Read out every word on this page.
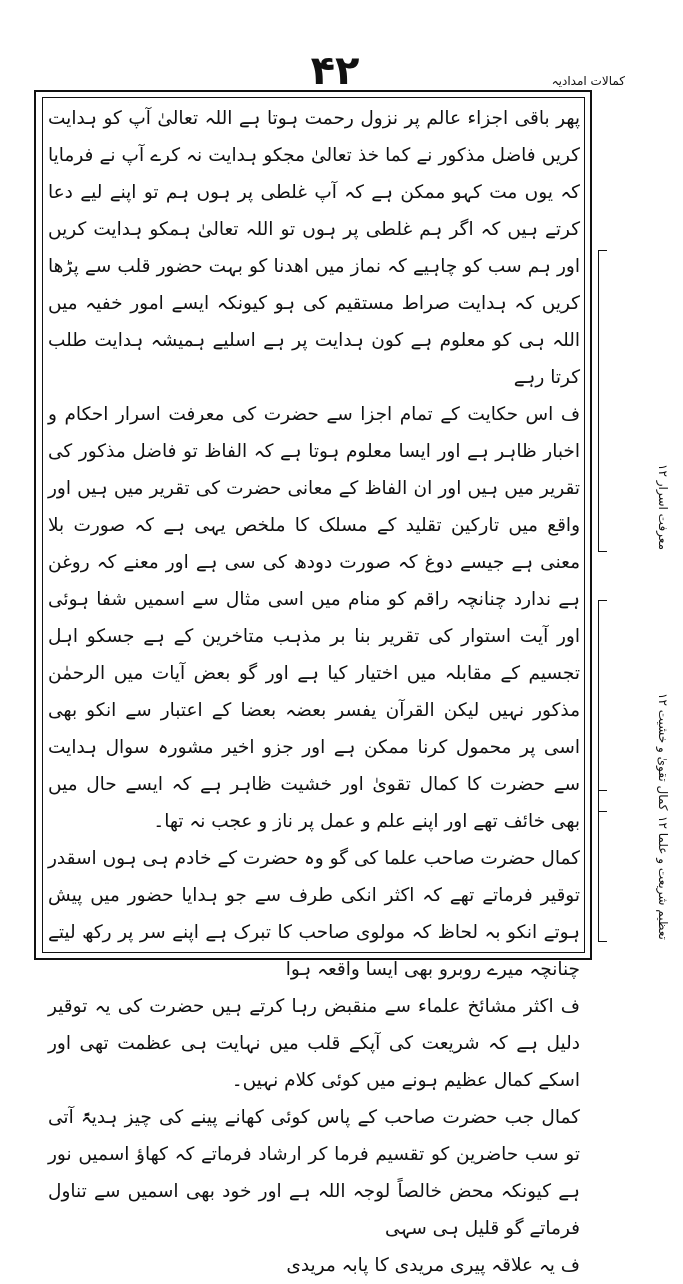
۴۲	کمالات امدادیہ

پھر باقی اجزاء عالم پر نزول رحمت ہوتا ہے اللہ تعالیٰ آپ کو ہدایت کریں فاضل مذکور نے کما خذ تعالیٰ مجکو ہدایت نہ کرے آپ نے فرمایا کہ یوں مت کہو ممکن ہے کہ آپ غلطی پر ہوں ہم تو اپنے لیے دعا کرتے ہیں کہ اگر ہم غلطی پر ہوں تو اللہ تعالیٰ ہمکو ہدایت کریں اور ہم سب کو چاہیے کہ نماز میں اھدنا کو بہت حضور قلب سے پڑھا کریں کہ ہدایت صراط مستقیم کی ہو کیونکہ ایسے امور خفیہ میں اللہ ہی کو معلوم ہے کون ہدایت پر ہے اسلیے ہمیشہ ہدایت طلب کرتا رہے

ف اس حکایت کے تمام اجزا سے حضرت کی معرفت اسرار احکام و اخبار ظاہر ہے اور ایسا معلوم ہوتا ہے کہ الفاظ تو فاضل مذکور کی تقریر میں ہیں اور ان الفاظ کے معانی حضرت کی تقریر میں ہیں اور واقع میں تارکین تقلید کے مسلک کا ملخص یہی ہے کہ صورت بلا معنی ہے جیسے دوغ کہ صورت دودھ کی سی ہے اور معنے کہ روغن ہے ندارد چنانچہ راقم کو منام میں اسی مثال سے اسمیں شفا ہوئی اور آیت استوار کی تقریر بنا بر مذہب متاخرین کے ہے جسکو اہل تجسیم کے مقابلہ میں اختیار کیا ہے اور گو بعض آیات میں الرحمٰن مذکور نہیں لیکن القرآن یفسر بعضہ بعضا کے اعتبار سے انکو بھی اسی پر محمول کرنا ممکن ہے اور جزو اخیر مشورہ سوال ہدایت سے حضرت کا کمال تقویٰ اور خشیت ظاہر ہے کہ ایسے حال میں بھی خائف تھے اور اپنے علم و عمل پر ناز و عجب نہ تھا۔

کمال حضرت صاحب علما کی گو وہ حضرت کے خادم ہی ہوں اسقدر توقیر فرماتے تھے کہ اکثر انکی طرف سے جو ہدایا حضور میں پیش ہوتے انکو بہ لحاظ کہ مولوی صاحب کا تبرک ہے اپنے سر پر رکھ لیتے چنانچہ میرے روبرو بھی ایسا واقعہ ہوا

ف اکثر مشائخ علماء سے منقبض رہا کرتے ہیں حضرت کی یہ توقیر دلیل ہے کہ شریعت کی آپکے قلب میں نہایت ہی عظمت تھی اور اسکے کمال عظیم ہونے میں کوئی کلام نہیں۔

کمال جب حضرت صاحب کے پاس کوئی کھانے پینے کی چیز ہدیۃً آتی تو سب حاضرین کو تقسیم فرما کر ارشاد فرماتے کہ کھاؤ اسمیں نور ہے کیونکہ محض خالصاً لوجہ اللہ ہے اور خود بھی اسمیں سے تناول فرماتے گو قلیل ہی سہی

ف یہ علاقہ پیری مریدی کا پابہ مریدی

معرفت اسرار ۱۲
کمال تقویٰ و خشیت ۱۲
تعظیم شریعت و علما ۱۲
